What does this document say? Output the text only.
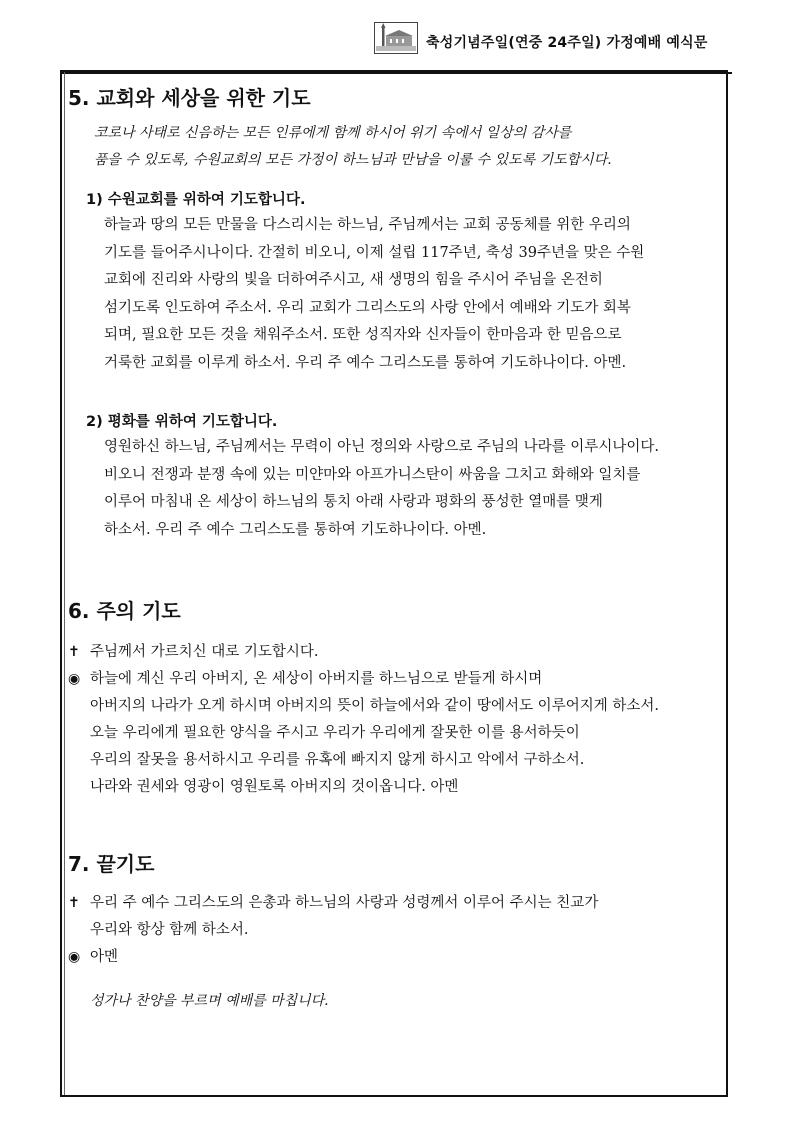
축성기념주일(연중 24주일) 가정예배 예식문
5. 교회와 세상을 위한 기도
코로나 사태로 신음하는 모든 인류에게 함께 하시어 위기 속에서 일상의 감사를
품을 수 있도록, 수원교회의 모든 가정이 하느님과 만남을 이룰 수 있도록 기도합시다.
1) 수원교회를 위하여 기도합니다.

하늘과 땅의 모든 만물을 다스리시는 하느님, 주님께서는 교회 공동체를 위한 우리의

기도를 들어주시나이다. 간절히 비오니, 이제 설립 117주년, 축성 39주년을 맞은 수원

교회에 진리와 사랑의 빛을 더하여주시고, 새 생명의 힘을 주시어 주님을 온전히

섬기도록 인도하여 주소서. 우리 교회가 그리스도의 사랑 안에서 예배와 기도가 회복

되며, 필요한 모든 것을 채워주소서. 또한 성직자와 신자들이 한마음과 한 믿음으로

거룩한 교회를 이루게 하소서. 우리 주 예수 그리스도를 통하여 기도하나이다. 아멘.

2) 평화를 위하여 기도합니다.

영원하신 하느님, 주님께서는 무력이 아닌 정의와 사랑으로 주님의 나라를 이루시나이다.

비오니 전쟁과 분쟁 속에 있는 미얀마와 아프가니스탄이 싸움을 그치고 화해와 일치를

이루어 마침내 온 세상이 하느님의 통치 아래 사랑과 평화의 풍성한 열매를 맺게

하소서. 우리 주 예수 그리스도를 통하여 기도하나이다. 아멘.

6. 주의 기도
✝ 주님께서 가르치신 대로 기도합시다.
◉ 하늘에 계신 우리 아버지, 온 세상이 아버지를 하느님으로 받들게 하시며
아버지의 나라가 오게 하시며 아버지의 뜻이 하늘에서와 같이 땅에서도 이루어지게 하소서.
오늘 우리에게 필요한 양식을 주시고 우리가 우리에게 잘못한 이를 용서하듯이
우리의 잘못을 용서하시고 우리를 유혹에 빠지지 않게 하시고 악에서 구하소서.
나라와 권세와 영광이 영원토록 아버지의 것이옵니다. 아멘
7. 끝기도
✝ 우리 주 예수 그리스도의 은총과 하느님의 사랑과 성령께서 이루어 주시는 친교가
우리와 항상 함께 하소서.
◉ 아멘
성가나 찬양을 부르며 예배를 마칩니다.
